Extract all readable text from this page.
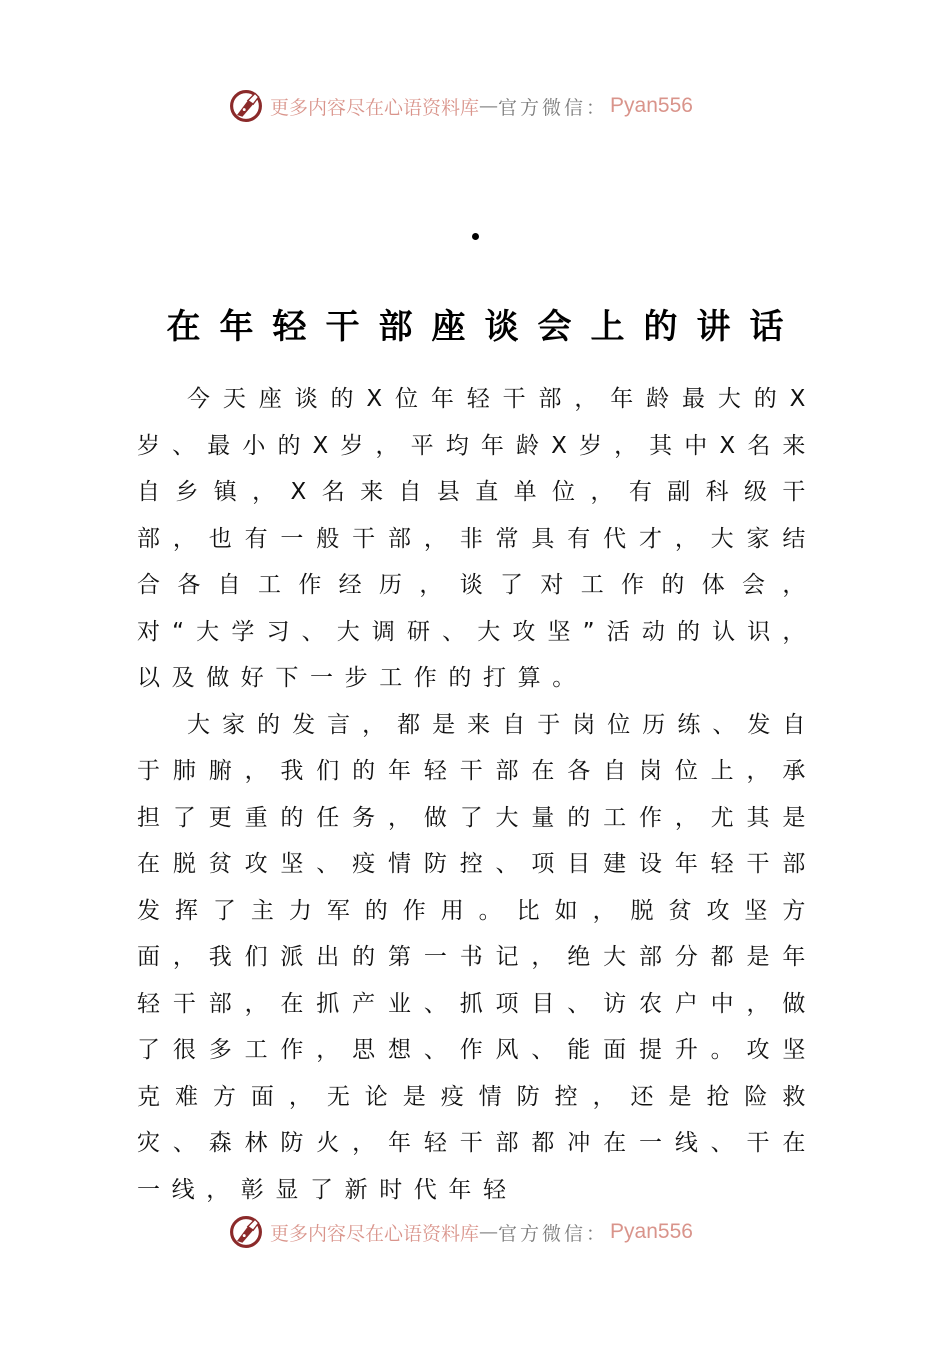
更多内容尽在心语资料库 — 官方微信： Pyan556
在年轻干部座谈会上的讲话

今天座谈的X位年轻干部，年龄最大的X岁、最小的X岁，平均年龄X岁，其中X名来自乡镇，X名来自县直单位，有副科级干部，也有一般干部，非常具有代才，大家结合各自工作经历，谈了对工作的体会，对“大学习、大调研、大攻坚”活动的认识，以及做好下一步工作的打算。

大家的发言，都是来自于岗位历练、发自于肺腑，我们的年轻干部在各自岗位上，承担了更重的任务，做了大量的工作，尤其是在脱贫攻坚、疫情防控、项目建设年轻干部发挥了主力军的作用。比如，脱贫攻坚方面，我们派出的第一书记，绝大部分都是年轻干部，在抓产业、抓项目、访农户中，做了很多工作，思想、作风、能面提升。攻坚克难方面，无论是疫情防控，还是抢险救灾、森林防火，年轻干部都冲在一线、干在一线，彰显了新时代年轻

更多内容尽在心语资料库 — 官方微信： Pyan556
